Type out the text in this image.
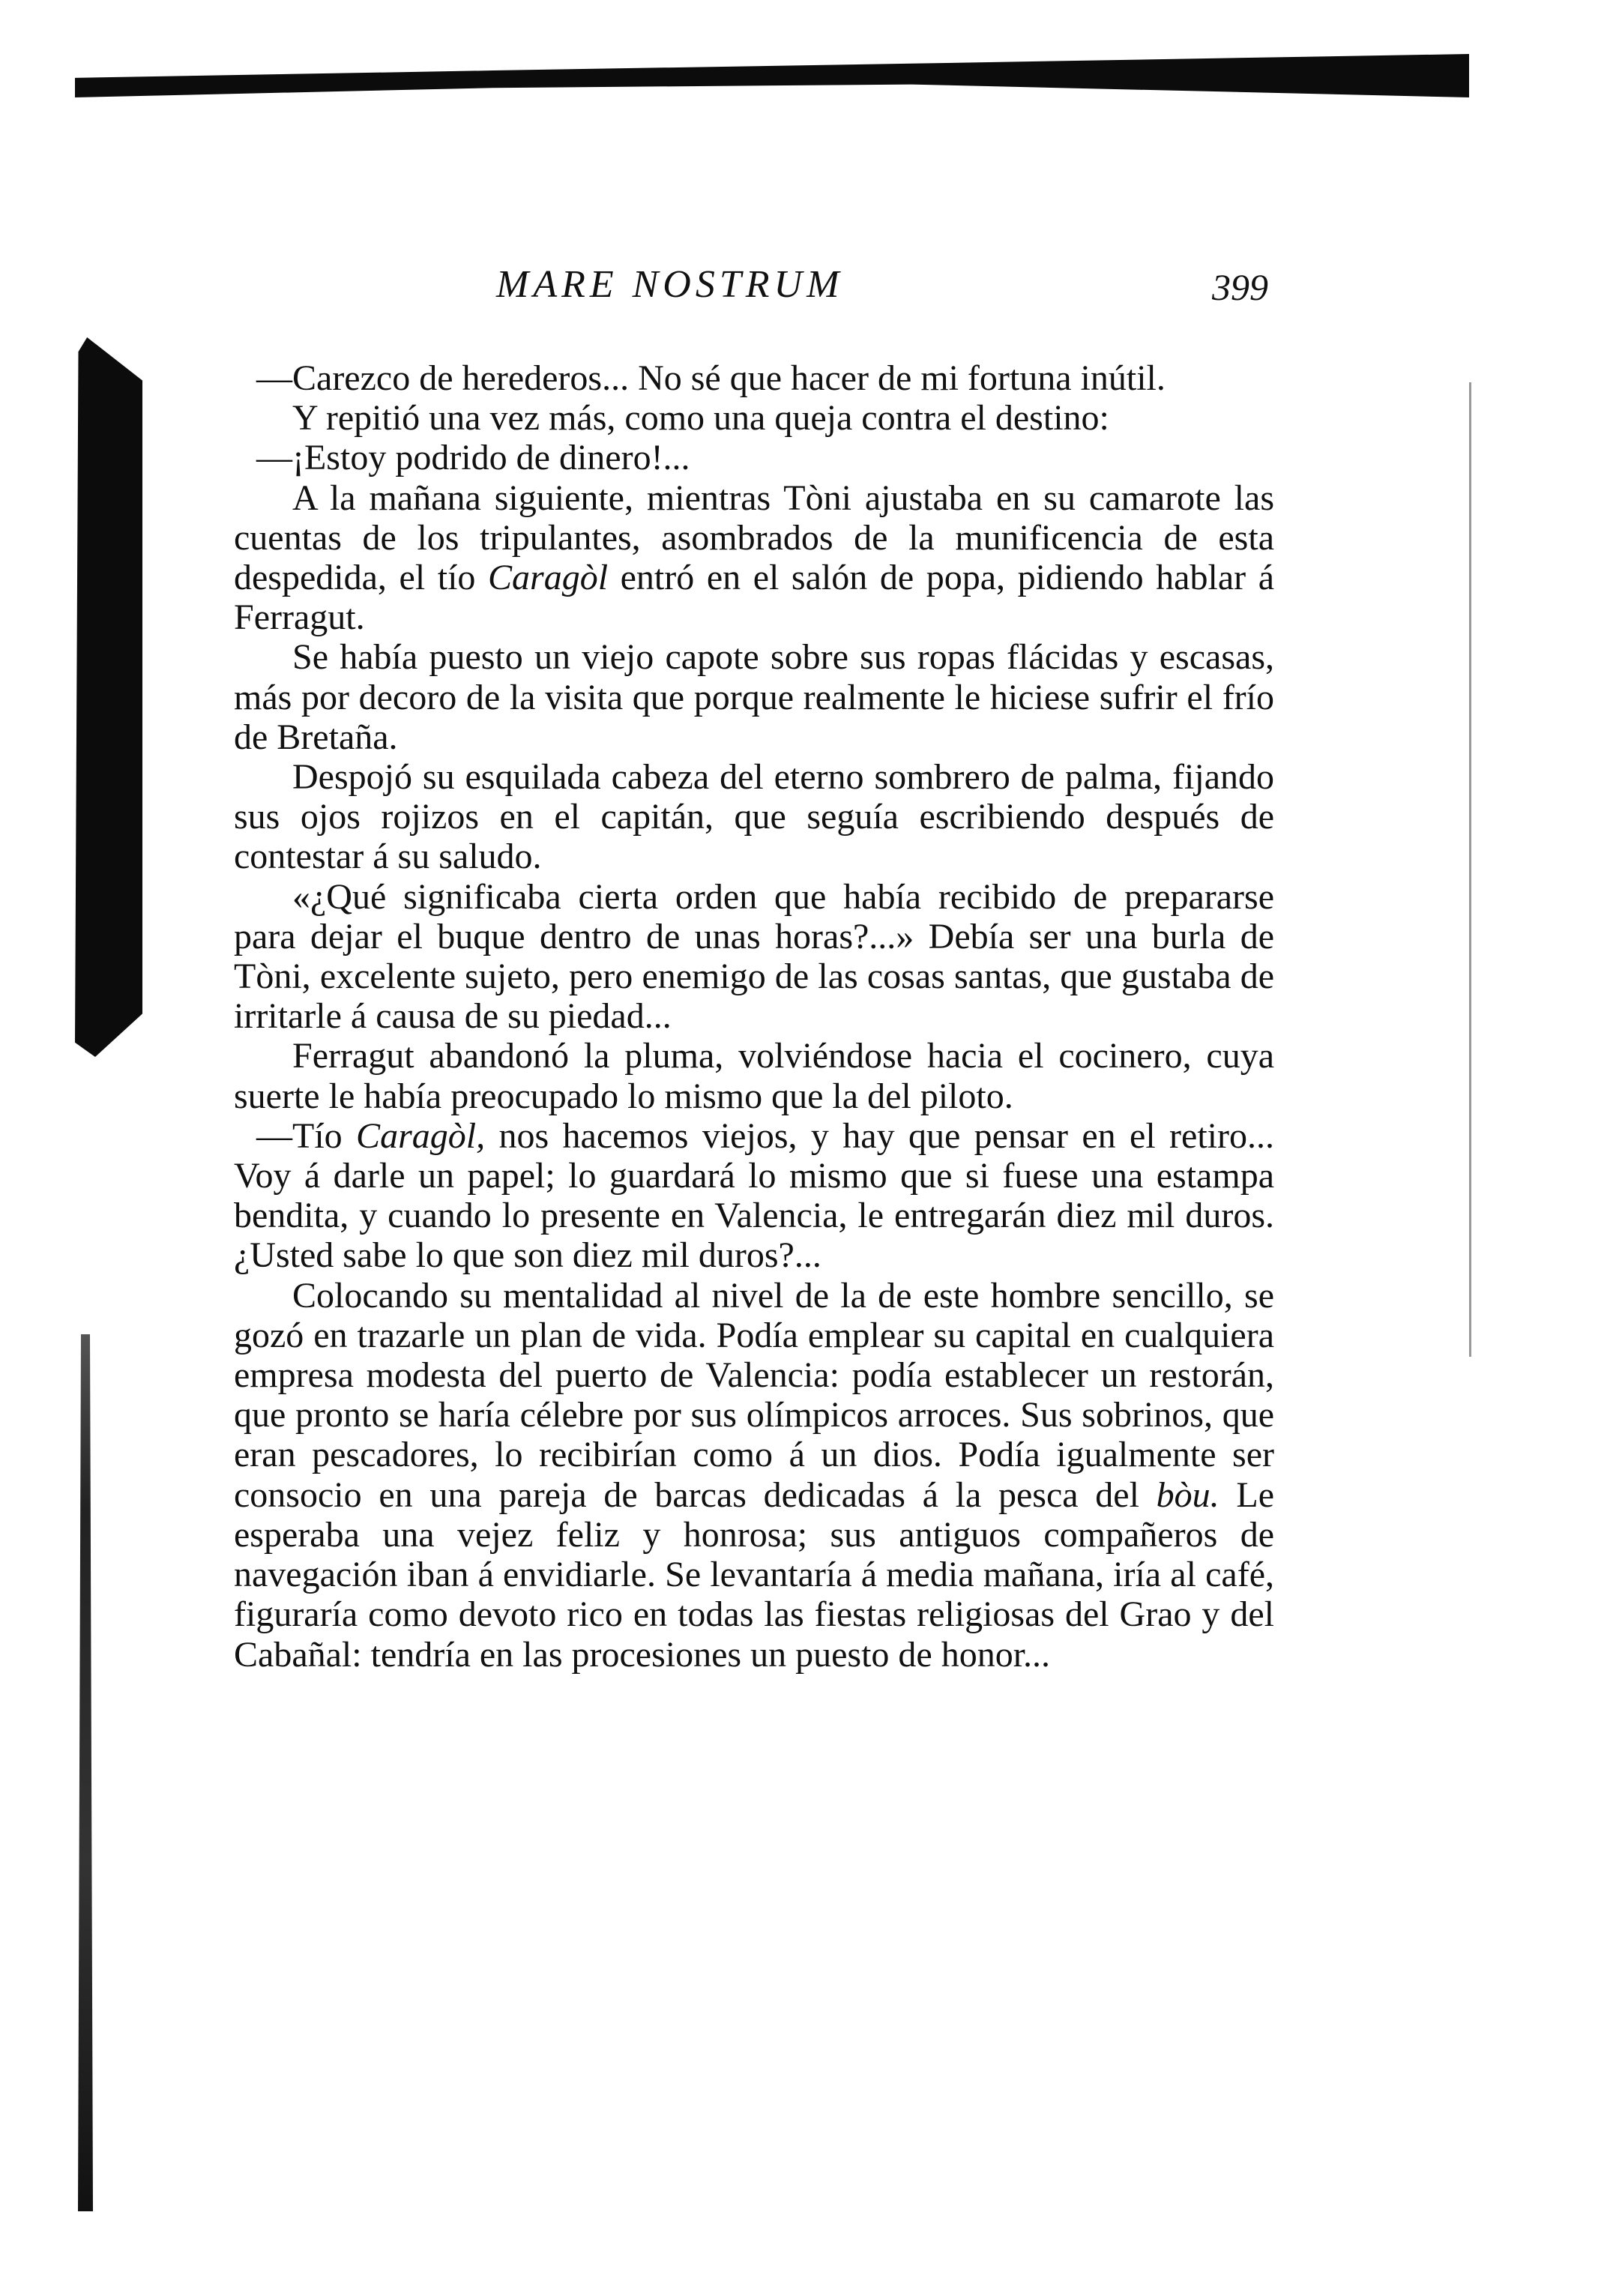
MARE NOSTRUM	399

—Carezco de herederos... No sé que hacer de mi fortuna inútil.

Y repitió una vez más, como una queja contra el destino:

—¡Estoy podrido de dinero!...

A la mañana siguiente, mientras Tòni ajustaba en su camarote las cuentas de los tripulantes, asombrados de la munificencia de esta despedida, el tío Caragòl entró en el salón de popa, pidiendo hablar á Ferragut.

Se había puesto un viejo capote sobre sus ropas flácidas y escasas, más por decoro de la visita que porque realmente le hiciese sufrir el frío de Bretaña.

Despojó su esquilada cabeza del eterno sombrero de palma, fijando sus ojos rojizos en el capitán, que seguía escribiendo después de contestar á su saludo.

«¿Qué significaba cierta orden que había recibido de prepararse para dejar el buque dentro de unas horas?...» Debía ser una burla de Tòni, excelente sujeto, pero enemigo de las cosas santas, que gustaba de irritarle á causa de su piedad...

Ferragut abandonó la pluma, volviéndose hacia el cocinero, cuya suerte le había preocupado lo mismo que la del piloto.

—Tío Caragòl, nos hacemos viejos, y hay que pensar en el retiro... Voy á darle un papel; lo guardará lo mismo que si fuese una estampa bendita, y cuando lo presente en Valencia, le entregarán diez mil duros. ¿Usted sabe lo que son diez mil duros?...

Colocando su mentalidad al nivel de la de este hombre sencillo, se gozó en trazarle un plan de vida. Podía emplear su capital en cualquiera empresa modesta del puerto de Valencia: podía establecer un restorán, que pronto se haría célebre por sus olímpicos arroces. Sus sobrinos, que eran pescadores, lo recibirían como á un dios. Podía igualmente ser consocio en una pareja de barcas dedicadas á la pesca del bòu. Le esperaba una vejez feliz y honrosa; sus antiguos compañeros de navegación iban á envidiarle. Se levantaría á media mañana, iría al café, figuraría como devoto rico en todas las fiestas religiosas del Grao y del Cabañal: tendría en las procesiones un puesto de honor...
